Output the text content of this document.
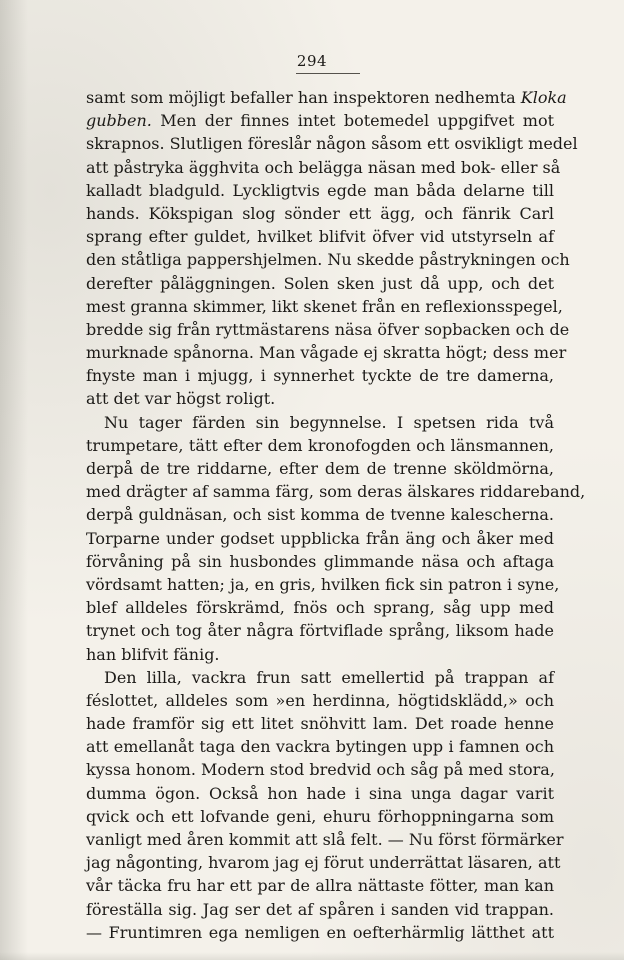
294
samt som möjligt befaller han inspektoren nedhemta Kloka
gubben. Men der finnes intet botemedel uppgifvet mot
skrapnos. Slutligen föreslår någon såsom ett osvikligt medel
att påstryka ägghvita och belägga näsan med bok- eller så
kalladt bladguld. Lyckligtvis egde man båda delarne till
hands. Kökspigan slog sönder ett ägg, och fänrik Carl
sprang efter guldet, hvilket blifvit öfver vid utstyrseln af
den ståtliga pappershjelmen. Nu skedde påstrykningen och
derefter påläggningen. Solen sken just då upp, och det
mest granna skimmer, likt skenet från en reflexionsspegel,
bredde sig från ryttmästarens näsa öfver sopbacken och de
murknade spånorna. Man vågade ej skratta högt; dess mer
fnyste man i mjugg, i synnerhet tyckte de tre damerna,
att det var högst roligt.
Nu tager färden sin begynnelse. I spetsen rida två
trumpetare, tätt efter dem kronofogden och länsmannen,
derpå de tre riddarne, efter dem de trenne sköldmörna,
med drägter af samma färg, som deras älskares riddareband,
derpå guldnäsan, och sist komma de tvenne kalescherna.
Torparne under godset uppblicka från äng och åker med
förvåning på sin husbondes glimmande näsa och aftaga
vördsamt hatten; ja, en gris, hvilken fick sin patron i syne,
blef alldeles förskrämd, fnös och sprang, såg upp med
trynet och tog åter några förtviflade språng, liksom hade
han blifvit fänig.
Den lilla, vackra frun satt emellertid på trappan af
féslottet, alldeles som »en herdinna, högtidsklädd,» och
hade framför sig ett litet snöhvitt lam. Det roade henne
att emellanåt taga den vackra bytingen upp i famnen och
kyssa honom. Modern stod bredvid och såg på med stora,
dumma ögon. Också hon hade i sina unga dagar varit
qvick och ett lofvande geni, ehuru förhoppningarna som
vanligt med åren kommit att slå felt. — Nu först förmärker
jag någonting, hvarom jag ej förut underrättat läsaren, att
vår täcka fru har ett par de allra nättaste fötter, man kan
föreställa sig. Jag ser det af spåren i sanden vid trappan.
— Fruntimren ega nemligen en oefterhärmlig lätthet att
